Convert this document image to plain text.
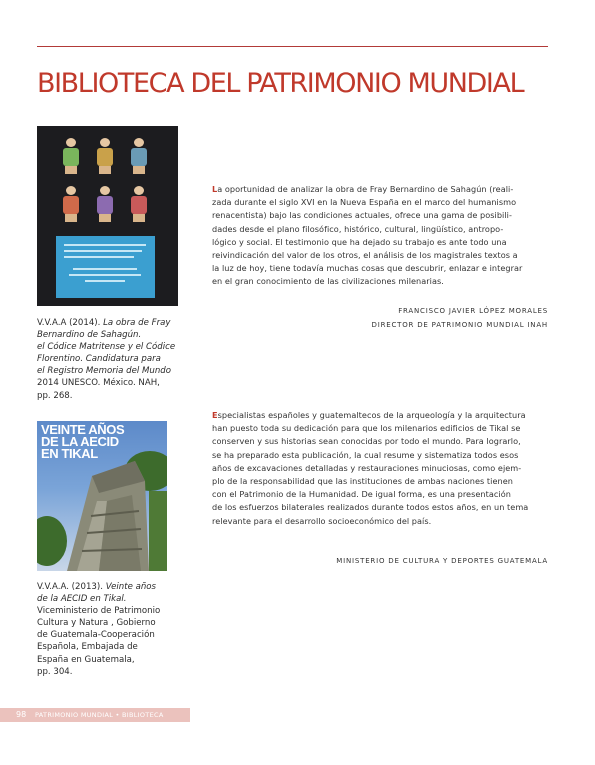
BIBLIOTECA DEL PATRIMONIO MUNDIAL
V.V.A.A (2014). La obra de Fray
Bernardino de Sahagún.
el Códice Matritense y el Códice
Florentino. Candidatura para
el Registro Memoria del Mundo
2014 UNESCO. México. NAH,
pp. 268.
VEINTE AÑOS DE LA AECID EN TIKAL
V.V.A.A. (2013). Veinte años
de la AECID en Tikal.
Viceministerio de Patrimonio
Cultura y Natura , Gobierno
de Guatemala-Cooperación
Española, Embajada de
España en Guatemala,
pp. 304.
La oportunidad de analizar la obra de Fray Bernardino de Sahagún (reali-
zada durante el siglo XVI en la Nueva España en el marco del humanismo
renacentista) bajo las condiciones actuales, ofrece una gama de posibili-
dades desde el plano filosófico, histórico, cultural, lingüístico, antropo-
lógico y social. El testimonio que ha dejado su trabajo es ante todo una
reivindicación del valor de los otros, el análisis de los magistrales textos a
la luz de hoy, tiene todavía muchas cosas que descubrir, enlazar e integrar
en el gran conocimiento de las civilizaciones milenarias.
FRANCISCO JAVIER LÓPEZ MORALES
DIRECTOR DE PATRIMONIO MUNDIAL INAH
Especialistas españoles y guatemaltecos de la arqueología y la arquitectura
han puesto toda su dedicación para que los milenarios edificios de Tikal se
conserven y sus historias sean conocidas por todo el mundo. Para lograrlo,
se ha preparado esta publicación, la cual resume y sistematiza todos esos
años de excavaciones detalladas y restauraciones minuciosas, como ejem-
plo de la responsabilidad que las instituciones de ambas naciones tienen
con el Patrimonio de la Humanidad. De igual forma, es una presentación
de los esfuerzos bilaterales realizados durante todos estos años, en un tema
relevante para el desarrollo socioeconómico del país.
MINISTERIO DE CULTURA Y DEPORTES GUATEMALA
98 PATRIMONIO MUNDIAL • BIBLIOTECA
